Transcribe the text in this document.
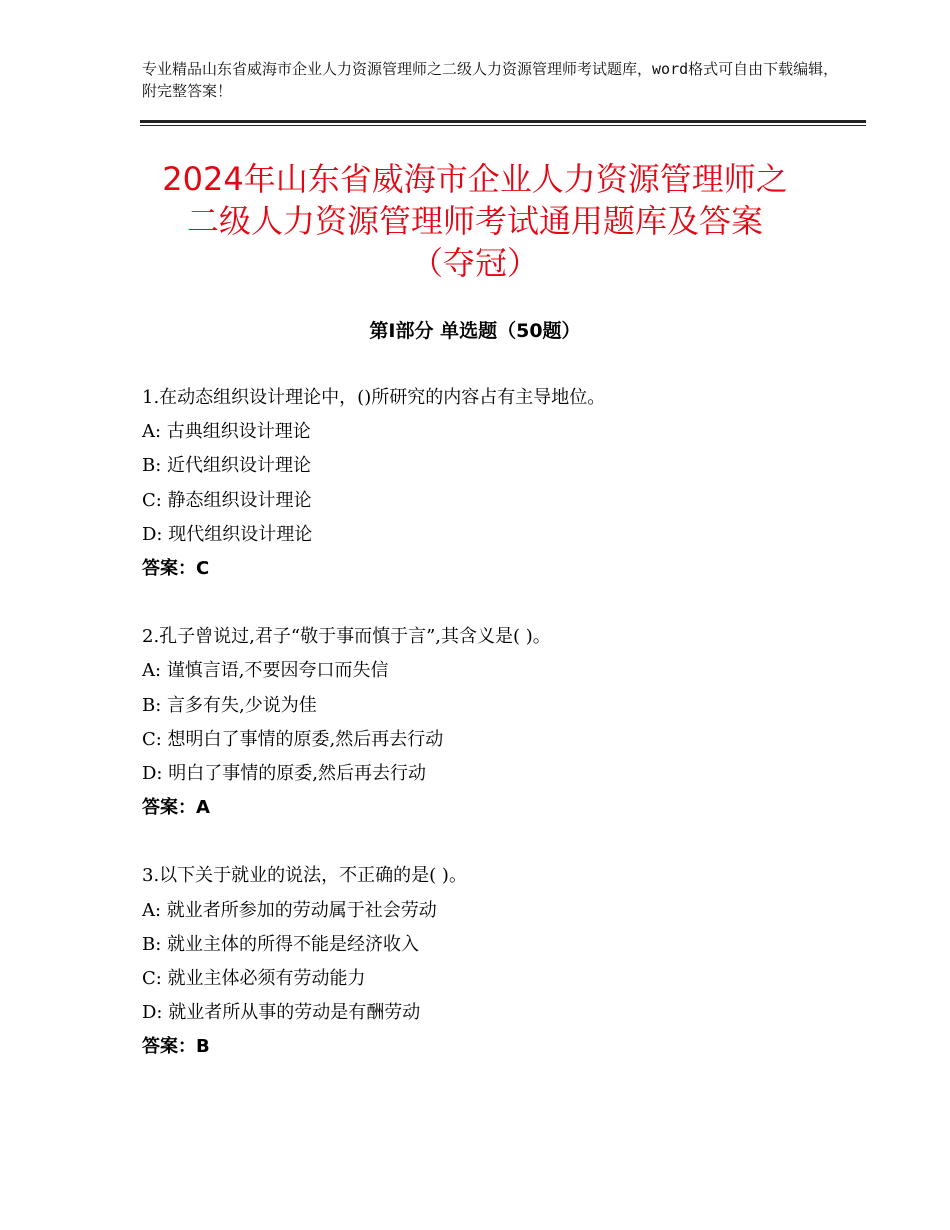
专业精品山东省威海市企业人力资源管理师之二级人力资源管理师考试题库，word格式可自由下载编辑，附完整答案！
2024年山东省威海市企业人力资源管理师之
二级人力资源管理师考试通用题库及答案
（夺冠）
第Ⅰ部分 单选题（50题）
1.在动态组织设计理论中，()所研究的内容占有主导地位。
A: 古典组织设计理论
B: 近代组织设计理论
C: 静态组织设计理论
D: 现代组织设计理论
答案：C
2.孔子曾说过,君子“敬于事而慎于言”,其含义是( )。
A: 谨慎言语,不要因夸口而失信
B: 言多有失,少说为佳
C: 想明白了事情的原委,然后再去行动
D: 明白了事情的原委,然后再去行动
答案：A
3.以下关于就业的说法，不正确的是( )。
A: 就业者所参加的劳动属于社会劳动
B: 就业主体的所得不能是经济收入
C: 就业主体必须有劳动能力
D: 就业者所从事的劳动是有酬劳动
答案：B
